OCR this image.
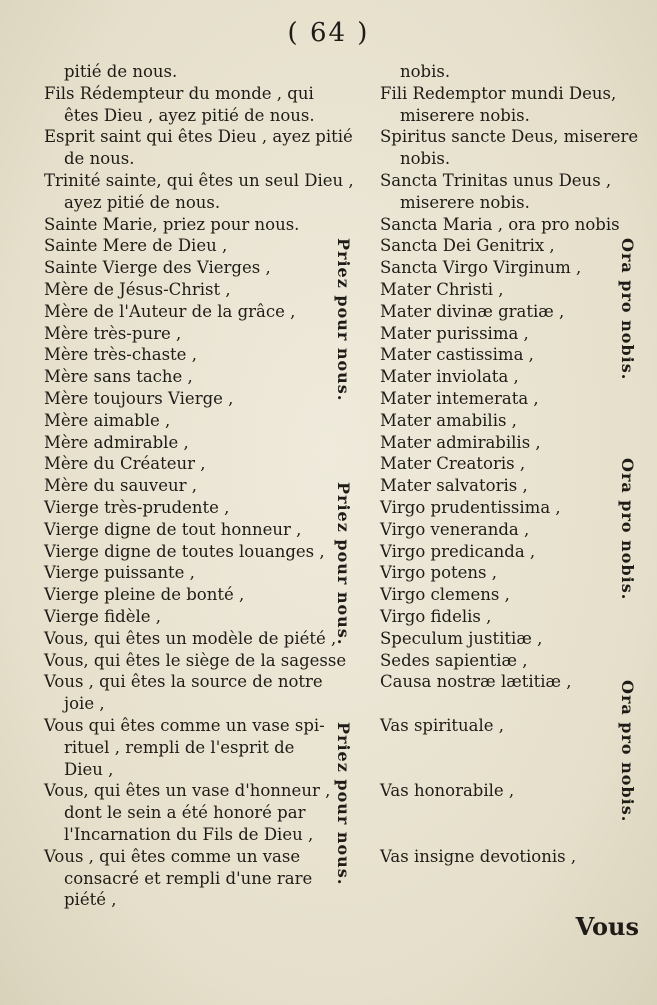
( 64 )
pitié de nous.
Fils Rédempteur du monde , qui
êtes Dieu , ayez pitié de nous.
Esprit saint qui êtes Dieu , ayez pitié
de nous.
Trinité sainte, qui êtes un seul Dieu ,
ayez pitié de nous.
Sainte Marie, priez pour nous.
Sainte Mere de Dieu ,
Sainte Vierge des Vierges ,
Mère de Jésus-Christ ,
Mère de l'Auteur de la grâce ,
Mère très-pure ,
Mère très-chaste ,
Mère sans tache ,
Mère toujours Vierge ,
Mère aimable ,
Mère admirable ,
Mère du Créateur ,
Mère du sauveur ,
Vierge très-prudente ,
Vierge digne de tout honneur ,
Vierge digne de toutes louanges ,
Vierge puissante ,
Vierge pleine de bonté ,
Vierge fidèle ,
Vous, qui êtes un modèle de piété ,
Vous, qui êtes le siège de la sagesse
Vous , qui êtes la source de notre
joie ,
Vous qui êtes comme un vase spi-
rituel , rempli de l'esprit de
Dieu ,
Vous, qui êtes un vase d'honneur ,
dont le sein a été honoré par
l'Incarnation du Fils de Dieu ,
Vous , qui êtes comme un vase
consacré et rempli d'une rare
piété ,
nobis.
Fili Redemptor mundi Deus,
miserere nobis.
Spiritus sancte Deus, miserere
nobis.
Sancta Trinitas unus Deus ,
miserere nobis.
Sancta Maria , ora pro nobis
Sancta Dei Genitrix ,
Sancta Virgo Virginum ,
Mater Christi ,
Mater divinæ gratiæ ,
Mater purissima ,
Mater castissima ,
Mater inviolata ,
Mater intemerata ,
Mater amabilis ,
Mater admirabilis ,
Mater Creatoris ,
Mater salvatoris ,
Virgo prudentissima ,
Virgo veneranda ,
Virgo predicanda ,
Virgo potens ,
Virgo clemens ,
Virgo fidelis ,
Speculum justitiæ ,
Sedes sapientiæ ,
Causa nostræ lætitiæ ,
Vas spirituale ,
Vas honorabile ,
Vas insigne devotionis ,
Priez pour nous.
Priez pour nous.
Priez pour nous.
Ora pro nobis.
Ora pro nobis.
Ora pro nobis.
Vous
